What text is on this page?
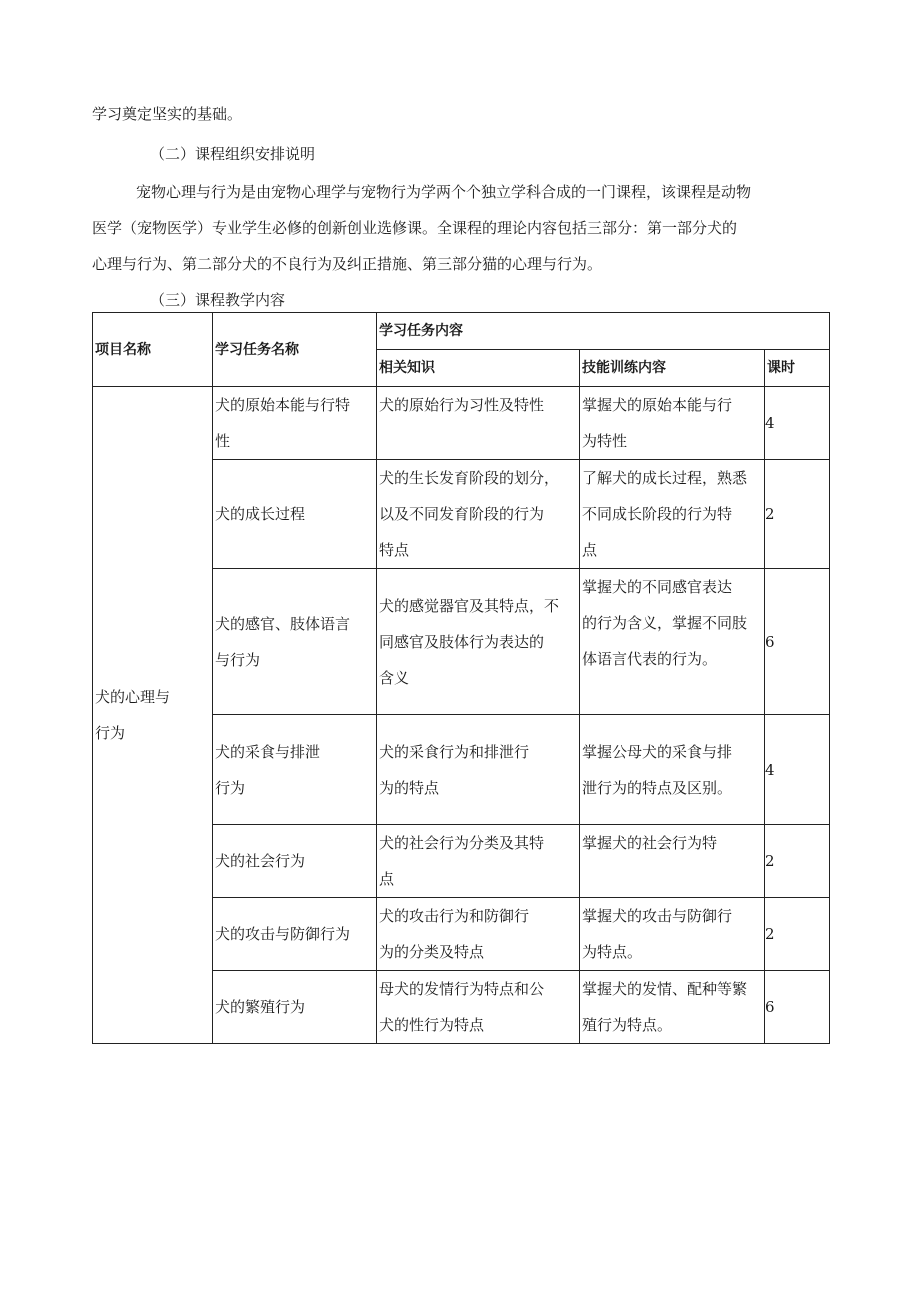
学习奠定坚实的基础。
（二）课程组织安排说明
宠物心理与行为是由宠物心理学与宠物行为学两个个独立学科合成的一门课程，该课程是动物
医学（宠物医学）专业学生必修的创新创业选修课。全课程的理论内容包括三部分：第一部分犬的
心理与行为、第二部分犬的不良行为及纠正措施、第三部分猫的心理与行为。
（三）课程教学内容
项目名称	学习任务名称	学习任务内容		
		相关知识	技能训练内容	课时

犬的心理与
行为	犬的原始本能与行特
性	犬的原始行为习性及特性	掌握犬的原始本能与行
为特性	4

	犬的成长过程	犬的生长发育阶段的划分，
以及不同发育阶段的行为
特点	了解犬的成长过程，熟悉
不同成长阶段的行为特
点	2

	犬的感官、肢体语言
与行为	犬的感觉器官及其特点，不
同感官及肢体行为表达的
含义	掌握犬的不同感官表达
的行为含义，掌握不同肢
体语言代表的行为。	6

	犬的采食与排泄
行为	犬的采食行为和排泄行
为的特点	掌握公母犬的采食与排
泄行为的特点及区别。	4

	犬的社会行为	犬的社会行为分类及其特
点	掌握犬的社会行为特	2

	犬的攻击与防御行为	犬的攻击行为和防御行
为的分类及特点	掌握犬的攻击与防御行
为特点。	2

	犬的繁殖行为	母犬的发情行为特点和公
犬的性行为特点	掌握犬的发情、配种等繁
殖行为特点。	6
